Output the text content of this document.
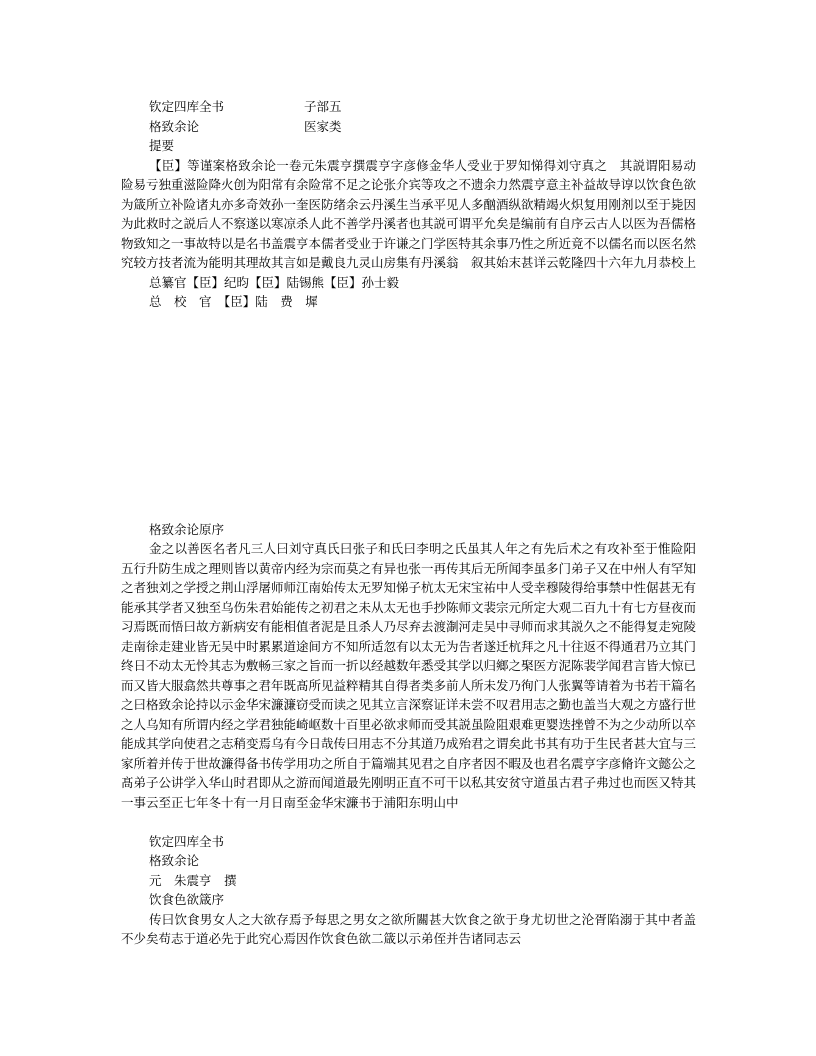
钦定四库全书	子部五
格致余论	医家类
提要

【臣】等谨案格致余论一卷元朱震亨撰震亨字彦修金华人受业于罗知悌得刘守真之　其説谓阳易动险易亏独重滋险降火创为阳常有余险常不足之论张介宾等攻之不遗余力然震亨意主补益故导谆以饮食色欲为箴所立补险诸丸亦多奇效孙一奎医防绪余云丹溪生当承平见人多酗酒纵欲精竭火炽复用刚剂以至于毙因为此救时之説后人不察遂以寒凉杀人此不善学丹溪者也其説可谓平允矣是编前有自序云古人以医为吾儒格物致知之一事故特以是名书盖震亨本儒者受业于许谦之门学医特其余事乃性之所近竟不以儒名而以医名然究较方技者流为能明其理故其言如是戴良九灵山房集有丹溪翁　叙其始末甚详云乾隆四十六年九月恭校上

总纂官【臣】纪昀【臣】陆锡熊【臣】孙士毅
总　校　官　【臣】陆　费　墀
格致余论原序

金之以善医名者凡三人曰刘守真氏曰张子和氏曰李明之氏虽其人年之有先后术之有攻补至于惟险阳五行升防生成之理则皆以黄帝内经为宗而莫之有异也张一再传其后无所闻李虽多门弟子又在中州人有罕知之者独刘之学授之荆山浮屠师师江南始传太无罗知悌子杭太无宋宝祐中人受幸穆陵得给事禁中性倨甚无有能承其学者又独至乌伤朱君始能传之初君之未从太无也手抄陈师文裴宗元所定大观二百九十有七方昼夜而习焉既而悟曰故方新病安有能相值者泥是且杀人乃尽弃去渡淛河走吴中寻师而求其説久之不能得复走宛陵走南徐走建业皆无吴中时累累道途间方不知所适忽有以太无为告者遂迁杭拜之凡十往返不得通君乃立其门终日不动太无怜其志为敷畅三家之旨而一折以经越数年悉受其学以归鄉之棸医方泥陈裴学闻君言皆大惊已而又皆大服翕然共尊事之君年既髙所见益粹精其自得者类多前人所未发乃徇门人张翼等请着为书若干篇名之曰格致余论持以示金华宋濂濂窃受而读之见其立言深察证详未尝不叹君用志之勤也盖当大观之方盛行世之人乌知有所谓内经之学君独能崎岖数十百里必欲求师而受其説虽险阻艰难更婴迭挫曾不为之少动所以卒能成其学向使君之志稍变焉乌有今日哉传曰用志不分其道乃成殆君之谓矣此书其有功于生民者甚大宜与三家所着并传于世故濂得备书传学用功之所自于篇端其见君之自序者因不暇及也君名震亨字彦脩许文懿公之髙弟子公讲学入华山时君即从之游而闻道最先刚明正直不可干以私其安贫守道虽古君子弗过也而医又特其一事云至正七年冬十有一月日南至金华宋濂书于浦阳东明山中

钦定四库全书
格致余论
元　朱震亨　撰
饮食色欲箴序

传曰饮食男女人之大欲存焉予每思之男女之欲所關甚大饮食之欲于身尤切世之沦胥陷溺于其中者盖不少矣苟志于道必先于此究心焉因作饮食色欲二箴以示弟侄并告诸同志云
